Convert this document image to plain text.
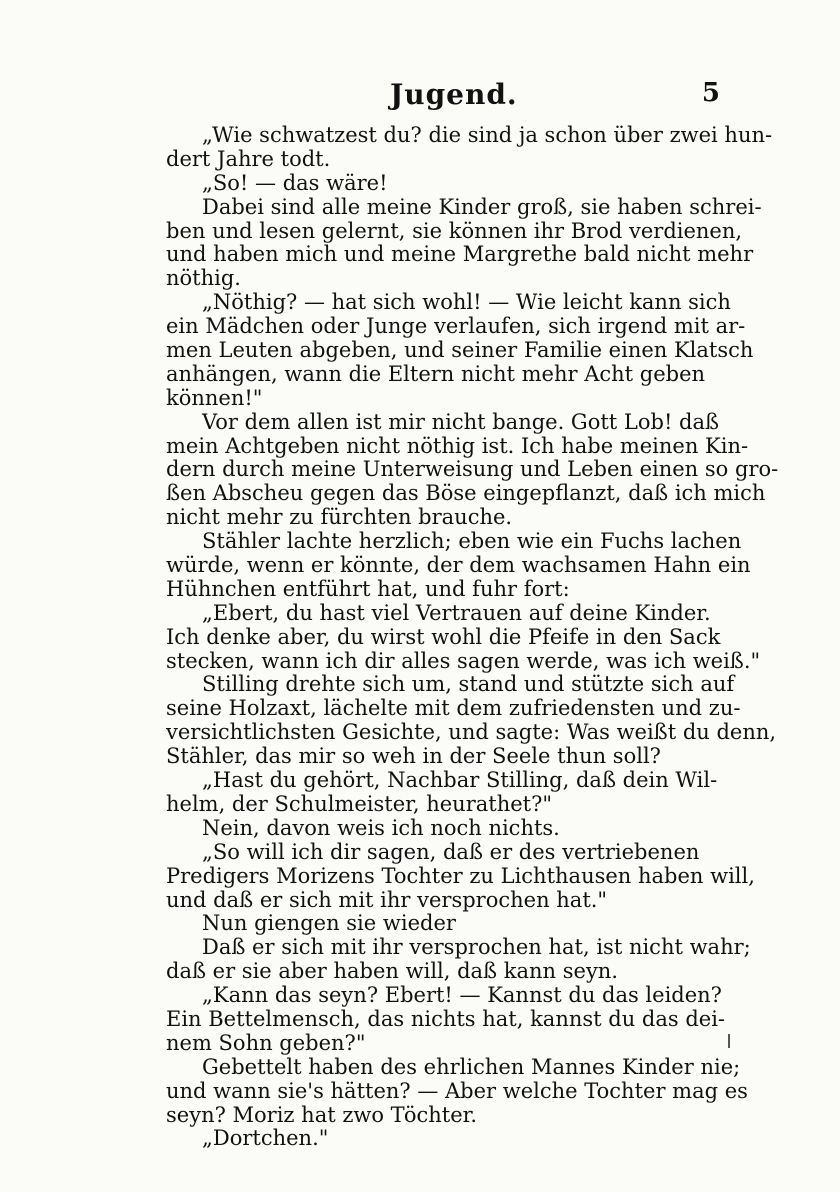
Jugend.	5
„Wie schwatzest du? die sind ja schon über zwei hun-
dert Jahre todt.
„So! — das wäre!
Dabei sind alle meine Kinder groß, sie haben schrei-
ben und lesen gelernt, sie können ihr Brod verdienen,
und haben mich und meine Margrethe bald nicht mehr
nöthig.
„Nöthig? — hat sich wohl! — Wie leicht kann sich
ein Mädchen oder Junge verlaufen, sich irgend mit ar-
men Leuten abgeben, und seiner Familie einen Klatsch
anhängen, wann die Eltern nicht mehr Acht geben
können!"
Vor dem allen ist mir nicht bange. Gott Lob! daß
mein Achtgeben nicht nöthig ist. Ich habe meinen Kin-
dern durch meine Unterweisung und Leben einen so gro-
ßen Abscheu gegen das Böse eingepflanzt, daß ich mich
nicht mehr zu fürchten brauche.
Stähler lachte herzlich; eben wie ein Fuchs lachen
würde, wenn er könnte, der dem wachsamen Hahn ein
Hühnchen entführt hat, und fuhr fort:
„Ebert, du hast viel Vertrauen auf deine Kinder.
Ich denke aber, du wirst wohl die Pfeife in den Sack
stecken, wann ich dir alles sagen werde, was ich weiß."
Stilling drehte sich um, stand und stützte sich auf
seine Holzaxt, lächelte mit dem zufriedensten und zu-
versichtlichsten Gesichte, und sagte: Was weißt du denn,
Stähler, das mir so weh in der Seele thun soll?
„Hast du gehört, Nachbar Stilling, daß dein Wil-
helm, der Schulmeister, heurathet?"
Nein, davon weis ich noch nichts.
„So will ich dir sagen, daß er des vertriebenen
Predigers Morizens Tochter zu Lichthausen haben will,
und daß er sich mit ihr versprochen hat."
Nun giengen sie wieder
Daß er sich mit ihr versprochen hat, ist nicht wahr;
daß er sie aber haben will, daß kann seyn.
„Kann das seyn? Ebert! — Kannst du das leiden?
Ein Bettelmensch, das nichts hat, kannst du das dei-
nem Sohn geben?"
Gebettelt haben des ehrlichen Mannes Kinder nie;
und wann sie's hätten? — Aber welche Tochter mag es
seyn? Moriz hat zwo Töchter.
„Dortchen."
